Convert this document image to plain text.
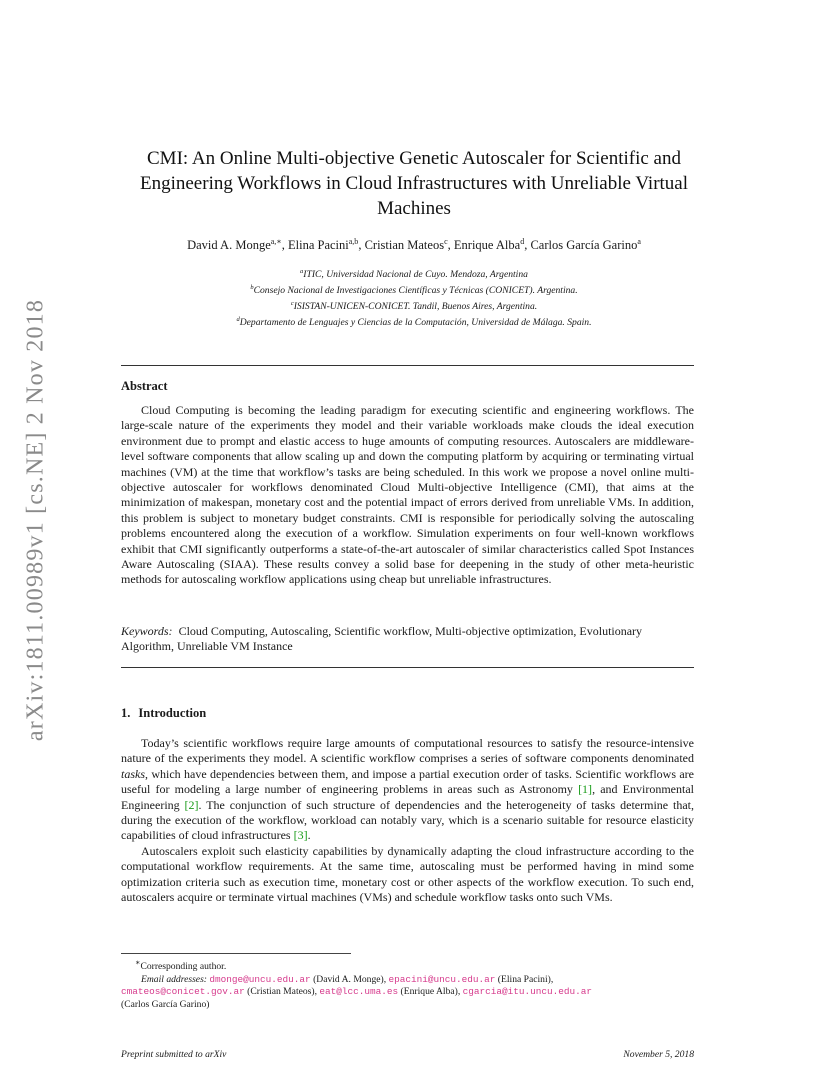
arXiv:1811.00989v1 [cs.NE] 2 Nov 2018
CMI: An Online Multi-objective Genetic Autoscaler for Scientific and Engineering Workflows in Cloud Infrastructures with Unreliable Virtual Machines
David A. Monge$^{a,∗}$, Elina Pacini$^{a,b}$, Cristian Mateos$^c$, Enrique Alba$^d$, Carlos García Garino$^a$
$^a$ITIC, Universidad Nacional de Cuyo. Mendoza, Argentina
$^b$Consejo Nacional de Investigaciones Científicas y Técnicas (CONICET). Argentina.
$^c$ISISTAN-UNICEN-CONICET. Tandil, Buenos Aires, Argentina.
$^d$Departamento de Lenguajes y Ciencias de la Computación, Universidad de Málaga. Spain.
Abstract
Cloud Computing is becoming the leading paradigm for executing scientific and engineering workflows. The large-scale nature of the experiments they model and their variable workloads make clouds the ideal execution environment due to prompt and elastic access to huge amounts of computing resources. Autoscalers are middleware-level software components that allow scaling up and down the computing platform by acquiring or terminating virtual machines (VM) at the time that workflow’s tasks are being scheduled. In this work we propose a novel online multi-objective autoscaler for workflows denominated Cloud Multi-objective Intelligence (CMI), that aims at the minimization of makespan, monetary cost and the potential impact of errors derived from unreliable VMs. In addition, this problem is subject to monetary budget constraints. CMI is responsible for periodically solving the autoscaling problems encountered along the execution of a workflow. Simulation experiments on four well-known workflows exhibit that CMI significantly outperforms a state-of-the-art autoscaler of similar characteristics called Spot Instances Aware Autoscaling (SIAA). These results convey a solid base for deepening in the study of other meta-heuristic methods for autoscaling workflow applications using cheap but unreliable infrastructures.
Keywords: Cloud Computing, Autoscaling, Scientific workflow, Multi-objective optimization, Evolutionary Algorithm, Unreliable VM Instance
1. Introduction

Today’s scientific workflows require large amounts of computational resources to satisfy the resource-intensive nature of the experiments they model. A scientific workflow comprises a series of software components denominated tasks, which have dependencies between them, and impose a partial execution order of tasks. Scientific workflows are useful for modeling a large number of engineering problems in areas such as Astronomy [1], and Environmental Engineering [2]. The conjunction of such structure of dependencies and the heterogeneity of tasks determine that, during the execution of the workflow, workload can notably vary, which is a scenario suitable for resource elasticity capabilities of cloud infrastructures [3].

Autoscalers exploit such elasticity capabilities by dynamically adapting the cloud infrastructure according to the computational workflow requirements. At the same time, autoscaling must be performed having in mind some optimization criteria such as execution time, monetary cost or other aspects of the workflow execution. To such end, autoscalers acquire or terminate virtual machines (VMs) and schedule workflow tasks onto such VMs.

∗Corresponding author.
Email addresses: dmonge@uncu.edu.ar (David A. Monge), epacini@uncu.edu.ar (Elina Pacini),
cmateos@conicet.gov.ar (Cristian Mateos), eat@lcc.uma.es (Enrique Alba), cgarcia@itu.uncu.edu.ar
(Carlos García Garino)
Preprint submitted to arXiv	November 5, 2018
